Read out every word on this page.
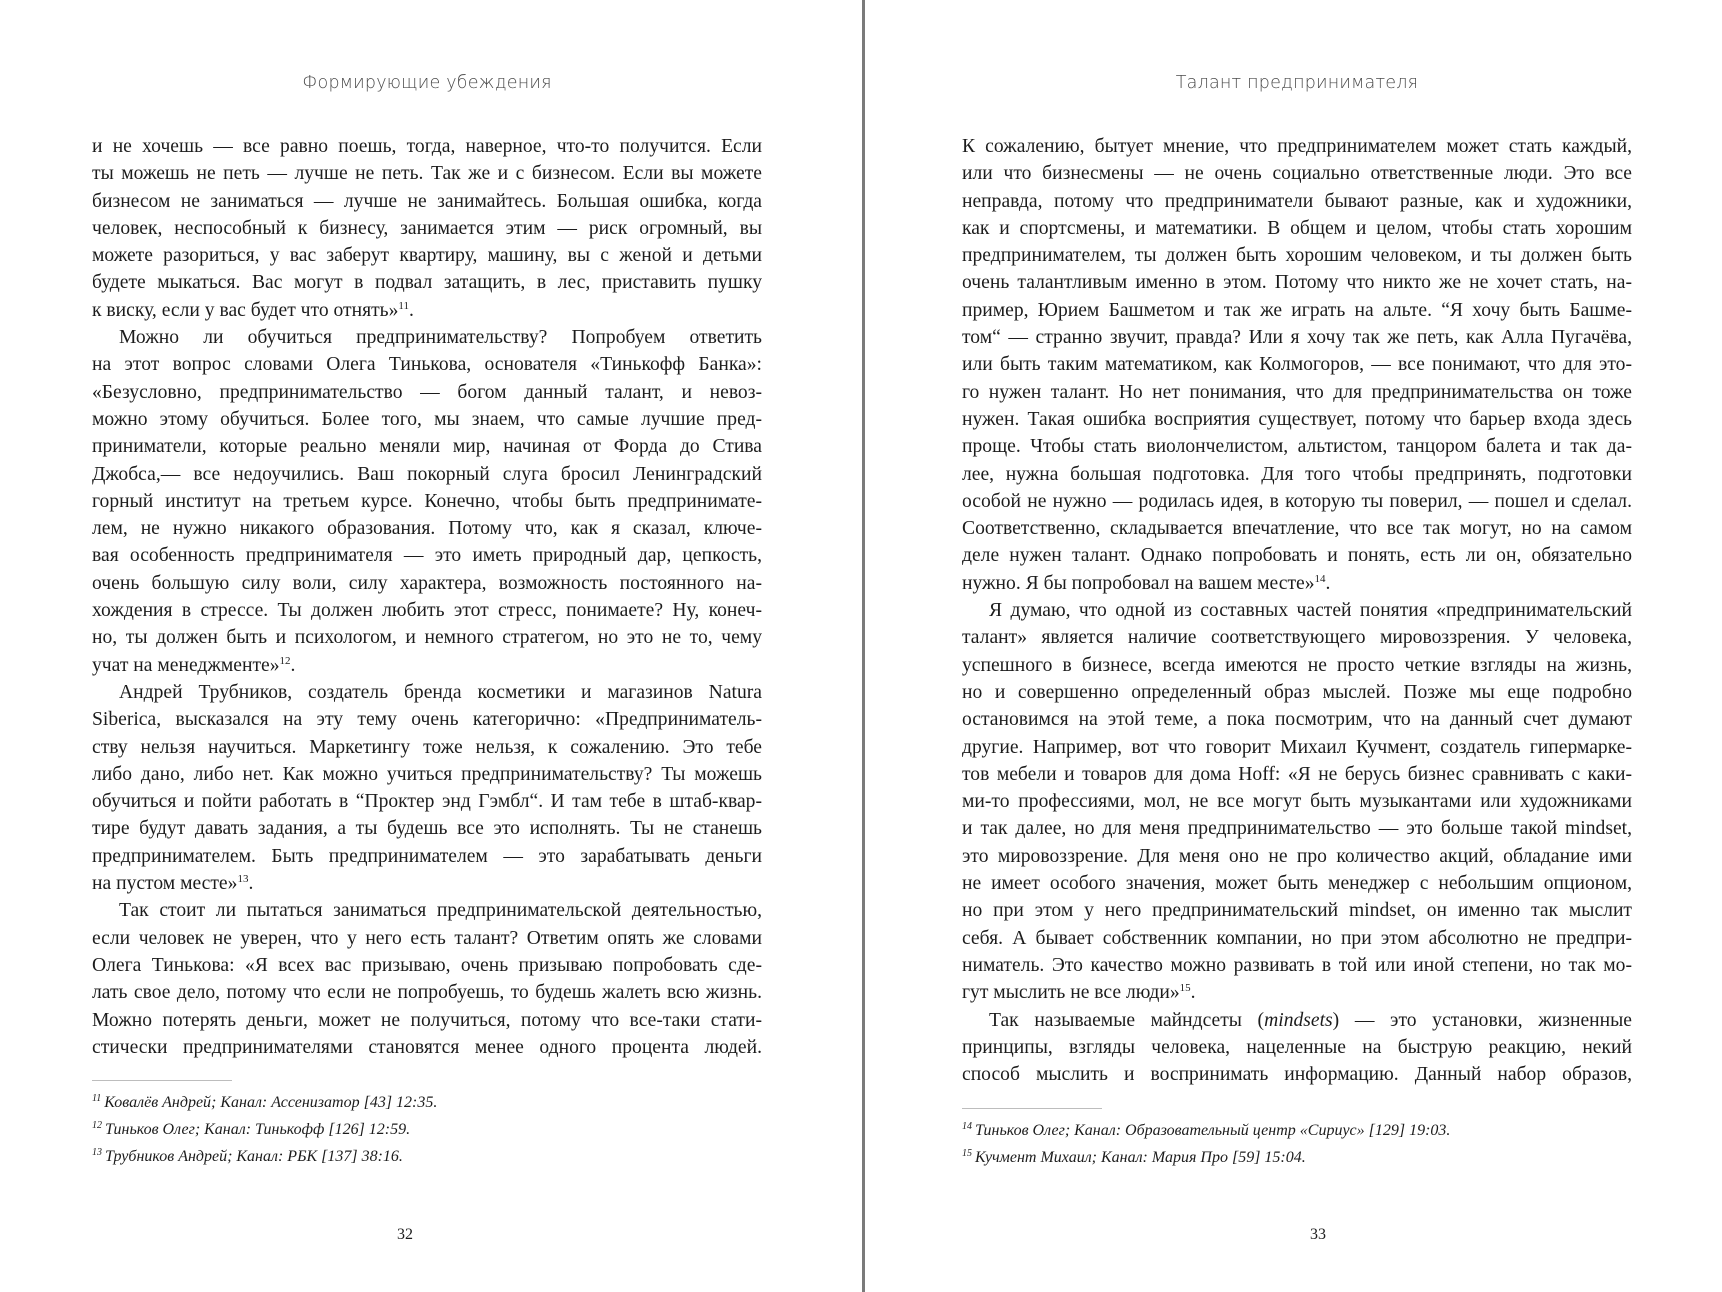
Формирующие убеждения
и не хочешь — все равно поешь, тогда, наверное, что-то получится. Если
ты можешь не петь — лучше не петь. Так же и с бизнесом. Если вы можете
бизнесом не заниматься — лучше не занимайтесь. Большая ошибка, когда
человек, неспособный к бизнесу, занимается этим — риск огромный, вы
можете разориться, у вас заберут квартиру, машину, вы с женой и детьми
будете мыкаться. Вас могут в подвал затащить, в лес, приставить пушку
к виску, если у вас будет что отнять»$^{11}$.
Можно ли обучиться предпринимательству? Попробуем ответить
на этот вопрос словами Олега Тинькова, основателя «Тинькофф Банка»:
«Безусловно, предпринимательство — богом данный талант, и невоз-
можно этому обучиться. Более того, мы знаем, что самые лучшие пред-
приниматели, которые реально меняли мир, начиная от Форда до Стива
Джобса,— все недоучились. Ваш покорный слуга бросил Ленинградский
горный институт на третьем курсе. Конечно, чтобы быть предпринимате-
лем, не нужно никакого образования. Потому что, как я сказал, ключе-
вая особенность предпринимателя — это иметь природный дар, цепкость,
очень большую силу воли, силу характера, возможность постоянного на-
хождения в стрессе. Ты должен любить этот стресс, понимаете? Ну, конеч-
но, ты должен быть и психологом, и немного стратегом, но это не то, чему
учат на менеджменте»$^{12}$.
Андрей Трубников, создатель бренда косметики и магазинов Natura
Siberica, высказался на эту тему очень категорично: «Предприниматель-
ству нельзя научиться. Маркетингу тоже нельзя, к сожалению. Это тебе
либо дано, либо нет. Как можно учиться предпринимательству? Ты можешь
обучиться и пойти работать в “Проктер энд Гэмбл“. И там тебе в штаб-квар-
тире будут давать задания, а ты будешь все это исполнять. Ты не станешь
предпринимателем. Быть предпринимателем — это зарабатывать деньги
на пустом месте»$^{13}$.
Так стоит ли пытаться заниматься предпринимательской деятельностью,
если человек не уверен, что у него есть талант? Ответим опять же словами
Олега Тинькова: «Я всех вас призываю, очень призываю попробовать сде-
лать свое дело, потому что если не попробуешь, то будешь жалеть всю жизнь.
Можно потерять деньги, может не получиться, потому что все-таки стати-
стически предпринимателями становятся менее одного процента людей.
$^{11}$ Ковалёв Андрей; Канал: Ассенизатор [43] 12:35.
$^{12}$ Тиньков Олег; Канал: Тинькофф [126] 12:59.
$^{13}$ Трубников Андрей; Канал: РБК [137] 38:16.
32
Талант предпринимателя
К сожалению, бытует мнение, что предпринимателем может стать каждый,
или что бизнесмены — не очень социально ответственные люди. Это все
неправда, потому что предприниматели бывают разные, как и художники,
как и спортсмены, и математики. В общем и целом, чтобы стать хорошим
предпринимателем, ты должен быть хорошим человеком, и ты должен быть
очень талантливым именно в этом. Потому что никто же не хочет стать, на-
пример, Юрием Башметом и так же играть на альте. “Я хочу быть Башме-
том“ — странно звучит, правда? Или я хочу так же петь, как Алла Пугачёва,
или быть таким математиком, как Колмогоров, — все понимают, что для это-
го нужен талант. Но нет понимания, что для предпринимательства он тоже
нужен. Такая ошибка восприятия существует, потому что барьер входа здесь
проще. Чтобы стать виолончелистом, альтистом, танцором балета и так да-
лее, нужна большая подготовка. Для того чтобы предпринять, подготовки
особой не нужно — родилась идея, в которую ты поверил, — пошел и сделал.
Соответственно, складывается впечатление, что все так могут, но на самом
деле нужен талант. Однако попробовать и понять, есть ли он, обязательно
нужно. Я бы попробовал на вашем месте»$^{14}$.
Я думаю, что одной из составных частей понятия «предпринимательский
талант» является наличие соответствующего мировоззрения. У человека,
успешного в бизнесе, всегда имеются не просто четкие взгляды на жизнь,
но и совершенно определенный образ мыслей. Позже мы еще подробно
остановимся на этой теме, а пока посмотрим, что на данный счет думают
другие. Например, вот что говорит Михаил Кучмент, создатель гипермарке-
тов мебели и товаров для дома Hoff: «Я не берусь бизнес сравнивать с каки-
ми-то профессиями, мол, не все могут быть музыкантами или художниками
и так далее, но для меня предпринимательство — это больше такой mindset,
это мировоззрение. Для меня оно не про количество акций, обладание ими
не имеет особого значения, может быть менеджер с небольшим опционом,
но при этом у него предпринимательский mindset, он именно так мыслит
себя. А бывает собственник компании, но при этом абсолютно не предпри-
ниматель. Это качество можно развивать в той или иной степени, но так мо-
гут мыслить не все люди»$^{15}$.
Так называемые майндсеты (mindsets) — это установки, жизненные
принципы, взгляды человека, нацеленные на быструю реакцию, некий
способ мыслить и воспринимать информацию. Данный набор образов,
$^{14}$ Тиньков Олег; Канал: Образовательный центр «Сириус» [129] 19:03.
$^{15}$ Кучмент Михаил; Канал: Мария Про [59] 15:04.
33
